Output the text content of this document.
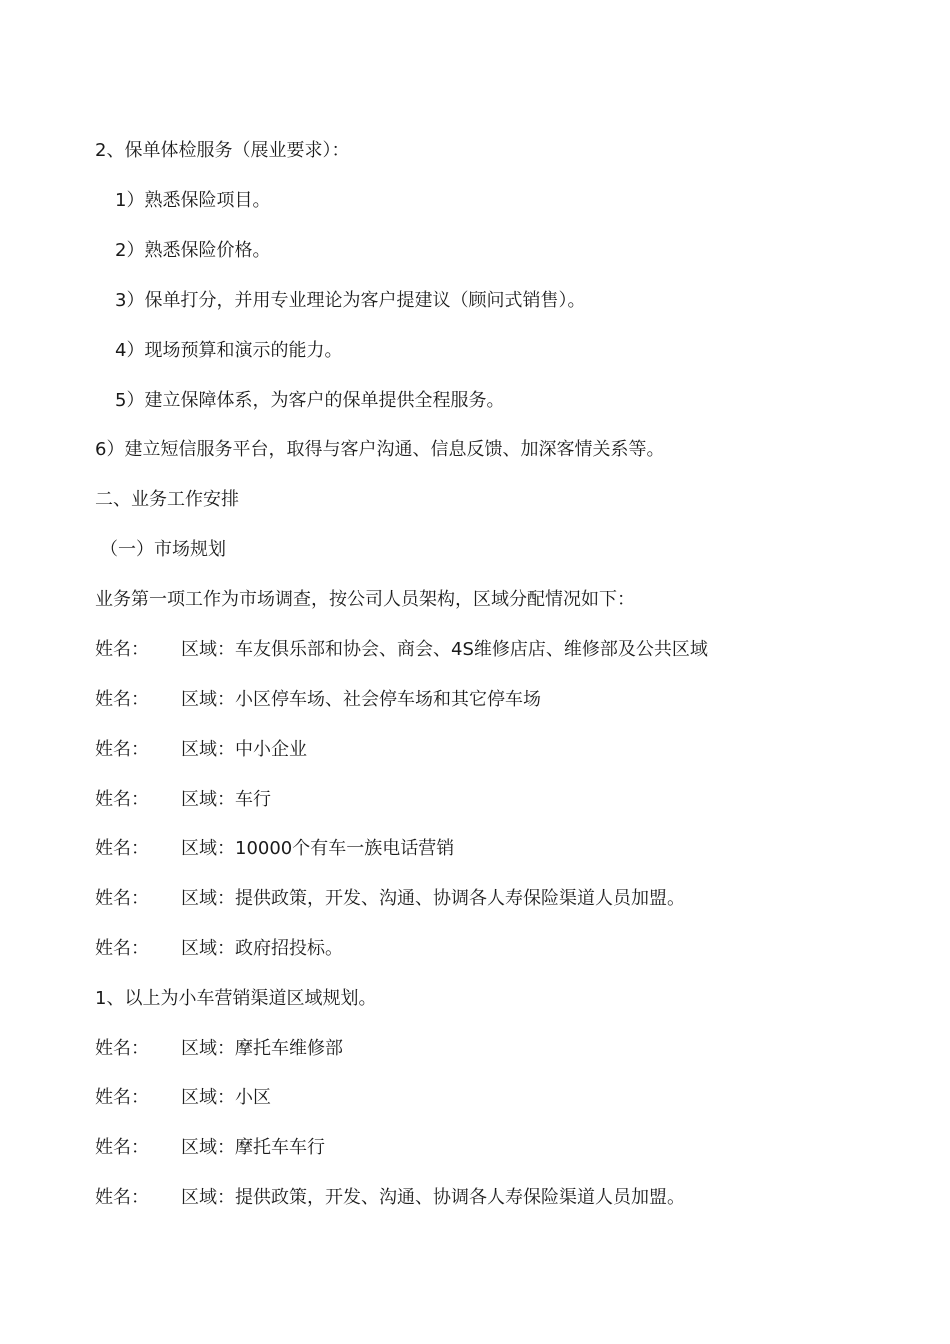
2、保单体检服务（展业要求）：
1）熟悉保险项目。
2）熟悉保险价格。
3）保单打分，并用专业理论为客户提建议（顾问式销售）。
4）现场预算和演示的能力。
5）建立保障体系，为客户的保单提供全程服务。
6）建立短信服务平台，取得与客户沟通、信息反馈、加深客情关系等。
二、业务工作安排
（一）市场规划
业务第一项工作为市场调查，按公司人员架构，区域分配情况如下：
姓名： 区域：车友俱乐部和协会、商会、4S维修店店、维修部及公共区域
姓名： 区域：小区停车场、社会停车场和其它停车场
姓名： 区域：中小企业
姓名： 区域：车行
姓名： 区域：10000个有车一族电话营销
姓名： 区域：提供政策，开发、沟通、协调各人寿保险渠道人员加盟。
姓名： 区域：政府招投标。
1、以上为小车营销渠道区域规划。
姓名： 区域：摩托车维修部
姓名： 区域：小区
姓名： 区域：摩托车车行
姓名： 区域：提供政策，开发、沟通、协调各人寿保险渠道人员加盟。
